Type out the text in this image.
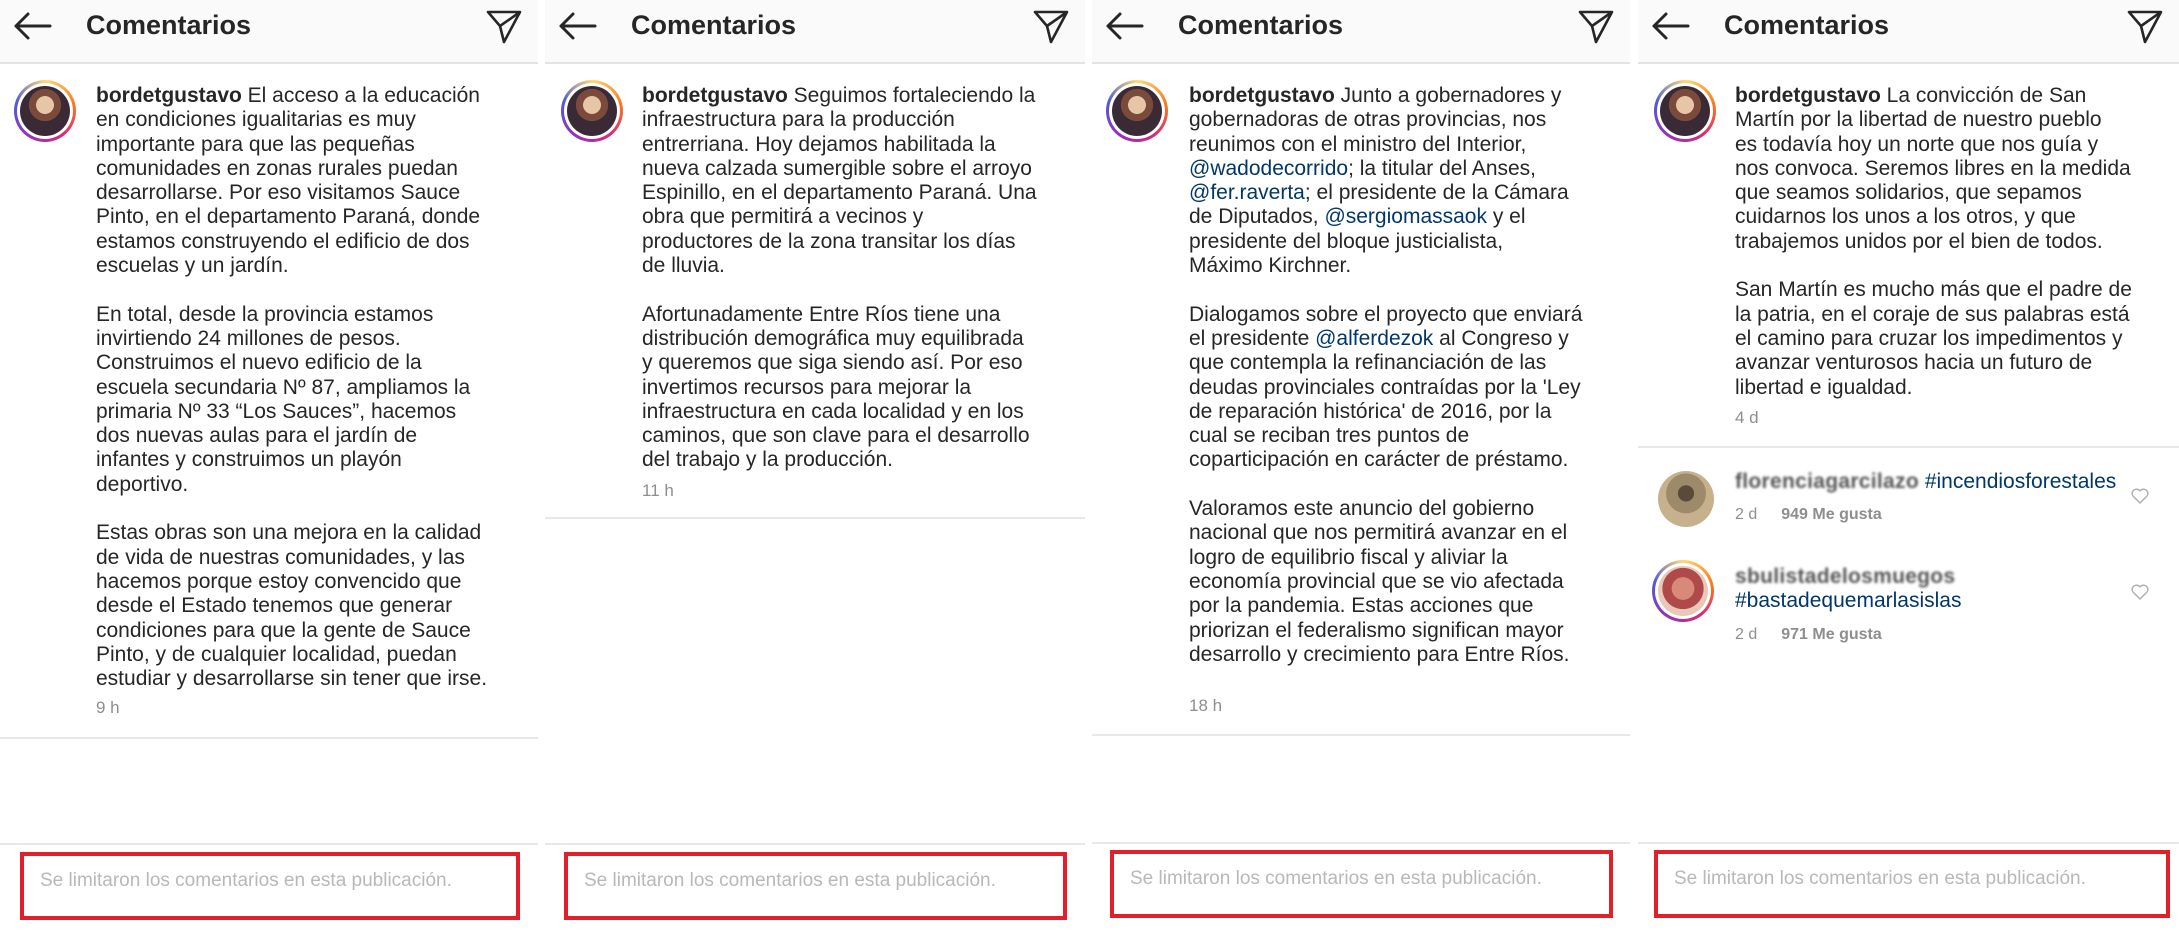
Comentarios
bordetgustavo El acceso a la educación
en condiciones igualitarias es muy
importante para que las pequeñas
comunidades en zonas rurales puedan
desarrollarse. Por eso visitamos Sauce
Pinto, en el departamento Paraná, donde
estamos construyendo el edificio de dos
escuelas y un jardín.

En total, desde la provincia estamos
invirtiendo 24 millones de pesos.
Construimos el nuevo edificio de la
escuela secundaria Nº 87, ampliamos la
primaria Nº 33 “Los Sauces”, hacemos
dos nuevas aulas para el jardín de
infantes y construimos un playón
deportivo.

Estas obras son una mejora en la calidad
de vida de nuestras comunidades, y las
hacemos porque estoy convencido que
desde el Estado tenemos que generar
condiciones para que la gente de Sauce
Pinto, y de cualquier localidad, puedan
estudiar y desarrollarse sin tener que irse.
9 h
Se limitaron los comentarios en esta publicación.
Comentarios
bordetgustavo Seguimos fortaleciendo la
infraestructura para la producción
entrerriana. Hoy dejamos habilitada la
nueva calzada sumergible sobre el arroyo
Espinillo, en el departamento Paraná. Una
obra que permitirá a vecinos y
productores de la zona transitar los días
de lluvia.

Afortunadamente Entre Ríos tiene una
distribución demográfica muy equilibrada
y queremos que siga siendo así. Por eso
invertimos recursos para mejorar la
infraestructura en cada localidad y en los
caminos, que son clave para el desarrollo
del trabajo y la producción.
11 h
Se limitaron los comentarios en esta publicación.
Comentarios
bordetgustavo Junto a gobernadores y
gobernadoras de otras provincias, nos
reunimos con el ministro del Interior,
@wadodecorrido; la titular del Anses,
@fer.raverta; el presidente de la Cámara
de Diputados, @sergiomassaok y el
presidente del bloque justicialista,
Máximo Kirchner.

Dialogamos sobre el proyecto que enviará
el presidente @alferdezok al Congreso y
que contempla la refinanciación de las
deudas provinciales contraídas por la 'Ley
de reparación histórica' de 2016, por la
cual se reciban tres puntos de
coparticipación en carácter de préstamo.

Valoramos este anuncio del gobierno
nacional que nos permitirá avanzar en el
logro de equilibrio fiscal y aliviar la
economía provincial que se vio afectada
por la pandemia. Estas acciones que
priorizan el federalismo significan mayor
desarrollo y crecimiento para Entre Ríos.
18 h
Se limitaron los comentarios en esta publicación.
Comentarios
bordetgustavo La convicción de San
Martín por la libertad de nuestro pueblo
es todavía hoy un norte que nos guía y
nos convoca. Seremos libres en la medida
que seamos solidarios, que sepamos
cuidarnos los unos a los otros, y que
trabajemos unidos por el bien de todos.

San Martín es mucho más que el padre de
la patria, en el coraje de sus palabras está
el camino para cruzar los impedimentos y
avanzar venturosos hacia un futuro de
libertad e igualdad.
4 d
florenciagarcilazo #incendiosforestales
2 d 949 Me gusta
sbulistadelosmuegos
#bastadequemarlasislas
2 d 971 Me gusta
Se limitaron los comentarios en esta publicación.
